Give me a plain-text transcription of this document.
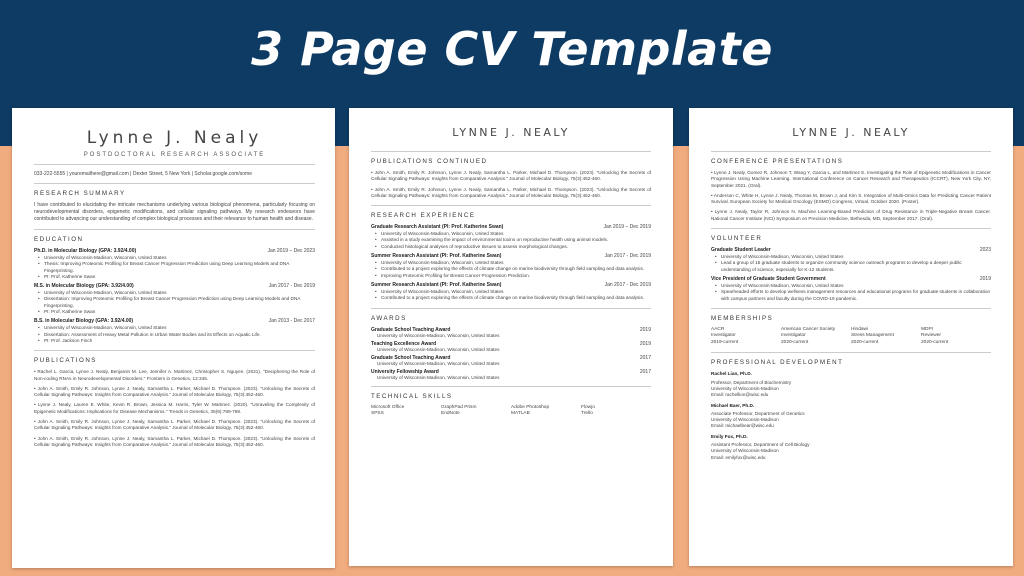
3 Page CV Template
Lynne J. Nealy
POSTDOCTORAL RESEARCH ASSOCIATE
033-222-5555 | youremailhere@gmail.com | Dexter Street, 5 New York | Scholar.google.com/some
RESEARCH SUMMARY
I have contributed to elucidating the intricate mechanisms underlying various biological phenomena, particularly focusing on neurodevelopmental disorders, epigenetic modifications, and cellular signaling pathways. My research endeavors have contributed to advancing our understanding of complex biological processes and their relevance to human health and disease.
EDUCATION
Ph.D. in Molecular Biology (GPA: 3.92/4.00)	Jan 2019 – Dec 2023
• University of Wisconsin-Madison, Wisconsin, United States
• Thesis: Improving Proteomic Profiling for Breast Cancer Progression Prediction using Deep Learning Models and DNA Fingerprinting.
• PI: Prof. Katherine Swan
M.S. in Molecular Biology (GPA: 3.92/4.00)	Jan 2017 - Dec 2019
• University of Wisconsin-Madison, Wisconsin, United States
• Dissertation: Improving Proteomic Profiling for Breast Cancer Progression Prediction using Deep Learning Models and DNA Fingerprinting.
• PI: Prof. Katherine Swan
B.S. in Molecular Biology (GPA: 3.92/4.00)	Jan 2013 - Dec 2017
• University of Wisconsin-Madison, Wisconsin, United States
• Dissertation: Assessment of Heavy Metal Pollution in Urban Water Bodies and its Effects on Aquatic Life.
• PI: Prof. Jackson Finch
PUBLICATIONS
• Rachel L. Garcia, Lynne J. Nealy, Benjamin M. Lee, Jennifer A. Martinez, Christopher S. Nguyen. (2021). "Deciphering the Role of Non-coding RNAs in Neurodevelopmental Disorders." Frontiers in Genetics, 12:345.
• John A. Smith, Emily R. Johnson, Lynne J. Nealy, Samantha L. Parker, Michael D. Thompson. (2023). "Unlocking the Secrets of Cellular Signaling Pathways: Insights from Comparative Analysis." Journal of Molecular Biology, 75(3):452-460.
• Lynne J. Nealy, Lauren E. White, Kevin R. Brown, Jessica M. Harris, Tyler W. Martinez. (2020). "Unraveling the Complexity of Epigenetic Modifications: Implications for Disease Mechanisms." Trends in Genetics, 35(9):789-798.
• John A. Smith, Emily R. Johnson, Lynne J. Nealy, Samantha L. Parker, Michael D. Thompson. (2023). "Unlocking the Secrets of Cellular Signaling Pathways: Insights from Comparative Analysis." Journal of Molecular Biology, 75(3):452-460.
• John A. Smith, Emily R. Johnson, Lynne J. Nealy, Samantha L. Parker, Michael D. Thompson. (2023). "Unlocking the Secrets of Cellular Signaling Pathways: Insights from Comparative Analysis." Journal of Molecular Biology, 75(3):452-460.
LYNNE J. NEALY
PUBLICATIONS CONTINUED
• John A. Smith, Emily R. Johnson, Lynne J. Nealy, Samantha L. Parker, Michael D. Thompson. (2023). "Unlocking the Secrets of Cellular Signaling Pathways: Insights from Comparative Analysis." Journal of Molecular Biology, 75(3):452-460.
• John A. Smith, Emily R. Johnson, Lynne J. Nealy, Samantha L. Parker, Michael D. Thompson. (2023). "Unlocking the Secrets of Cellular Signaling Pathways: Insights from Comparative Analysis." Journal of Molecular Biology, 75(3):452-460.
RESEARCH EXPERIENCE
Graduate Research Assistant (PI: Prof. Katherine Swan)	Jan 2019 – Dec 2019
• University of Wisconsin-Madison, Wisconsin, United States
• Assisted in a study examining the impact of environmental toxins on reproductive health using animal models.
• Conducted histological analyses of reproductive tissues to assess morphological changes.
Summer Research Assistant (PI: Prof. Katherine Swan)	Jan 2017 - Dec 2019
• University of Wisconsin-Madison, Wisconsin, United States
• Contributed to a project exploring the effects of climate change on marine biodiversity through field sampling and data analysis.
• Improving Proteomic Profiling for Breast Cancer Progression Prediction.
Summer Research Assistant (PI: Prof. Katherine Swan)	Jan 2017 - Dec 2019
• University of Wisconsin-Madison, Wisconsin, United States
• Contributed to a project exploring the effects of climate change on marine biodiversity through field sampling and data analysis.
AWARDS
Graduate School Teaching Award	2019
University of Wisconsin-Madison, Wisconsin, United States
Teaching Excellence Award	2019
University of Wisconsin-Madison, Wisconsin, United States
Graduate School Teaching Award	2017
University of Wisconsin-Madison, Wisconsin, United States
University Fellowship Award	2017
University of Wisconsin-Madison, Wisconsin, United States
TECHNICAL SKILLS
Microsoft Office	GraphPad Prism	Adobe Photoshop	Flowjo
SPSS	EndNote	MATLAB	Trello
LYNNE J. NEALY
CONFERENCE PRESENTATIONS
• Lynne J. Nealy, Gomez R, Johnson T, Wang Y, Garcia L, and Martinez E. Investigating the Role of Epigenetic Modifications in Cancer Progression Using Machine Learning. International Conference on Cancer Research and Therapeutics (ICCRT), New York City, NY, September 2021. (Oral).
• Anderson C, White H, Lynne J. Nealy, Thomas M, Brown J, and Kim S. Integration of Multi-Omics Data for Predicting Cancer Patient Survival. European Society for Medical Oncology (ESMO) Congress, Virtual, October 2020. (Poster).
• Lynne J. Nealy, Taylor R, Johnson N. Machine Learning-Based Prediction of Drug Resistance in Triple-Negative Breast Cancer. National Cancer Institute (NCI) Symposium on Precision Medicine, Bethesda, MD, September 2017. (Oral).
VOLUNTEER
Graduate Student Leader	2023
• University of Wisconsin-Madison, Wisconsin, United States
• Lead a group of 15 graduate students to organize community science outreach programs to develop a deeper public understanding of science, especially for K-12 students.
Vice President of Graduate Student Government	2019
• University of Wisconsin-Madison, Wisconsin, United States
• Spearheaded efforts to develop wellness management resources and educational programs for graduate students in collaboration with campus partners and faculty during the COVID-19 pandemic.
MEMBERSHIPS
AACR	American Cancer Society	Hindawi	MDPI
Investigator	Investigator	Stress Management	Reviewer
2019-current	2020-current	2020-current	2020-current
PROFESSIONAL DEVELOPMENT
Rachel Lian, Ph.D.
Professor, Department of Biochemistry
University of Wisconsin-Madison
Email: rachellion@wisc.edu
Michael Baer, Ph.D.
Associate Professor, Department of Genetics
University of Wisconsin-Madison
Email: michaelbear@wisc.edu
Emily Fox, Ph.D.
Assistant Professor, Department of Cell Biology
University of Wisconsin-Madison
Email: emilyfox@wisc.edu
